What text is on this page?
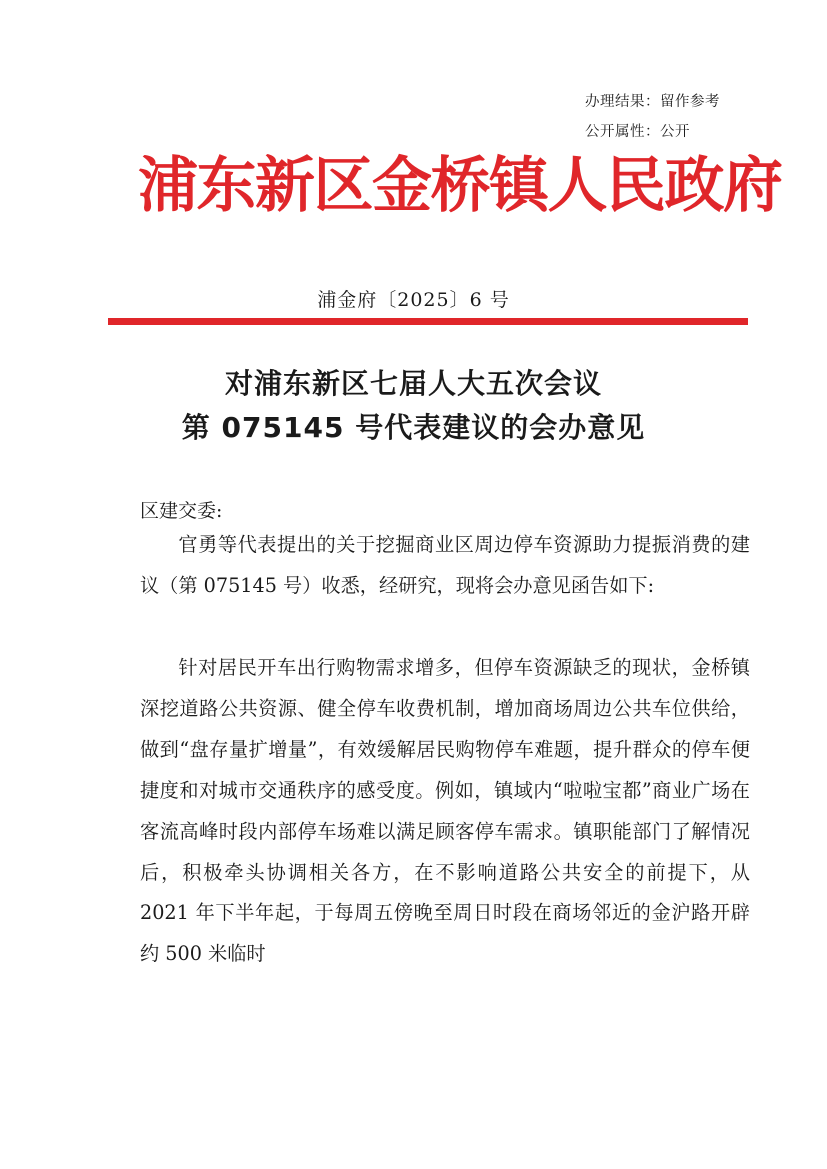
办理结果：留作参考
公开属性：公开
浦东新区金桥镇人民政府
浦金府〔2025〕6 号
对浦东新区七届人大五次会议
第 075145 号代表建议的会办意见
区建交委:

官勇等代表提出的关于挖掘商业区周边停车资源助力提振消费的建议（第 075145 号）收悉，经研究，现将会办意见函告如下:

针对居民开车出行购物需求增多，但停车资源缺乏的现状，金桥镇深挖道路公共资源、健全停车收费机制，增加商场周边公共车位供给，做到“盘存量扩增量”，有效缓解居民购物停车难题，提升群众的停车便捷度和对城市交通秩序的感受度。例如，镇域内“啦啦宝都”商业广场在客流高峰时段内部停车场难以满足顾客停车需求。镇职能部门了解情况后，积极牵头协调相关各方，在不影响道路公共安全的前提下，从 2021 年下半年起，于每周五傍晚至周日时段在商场邻近的金沪路开辟约 500 米临时
